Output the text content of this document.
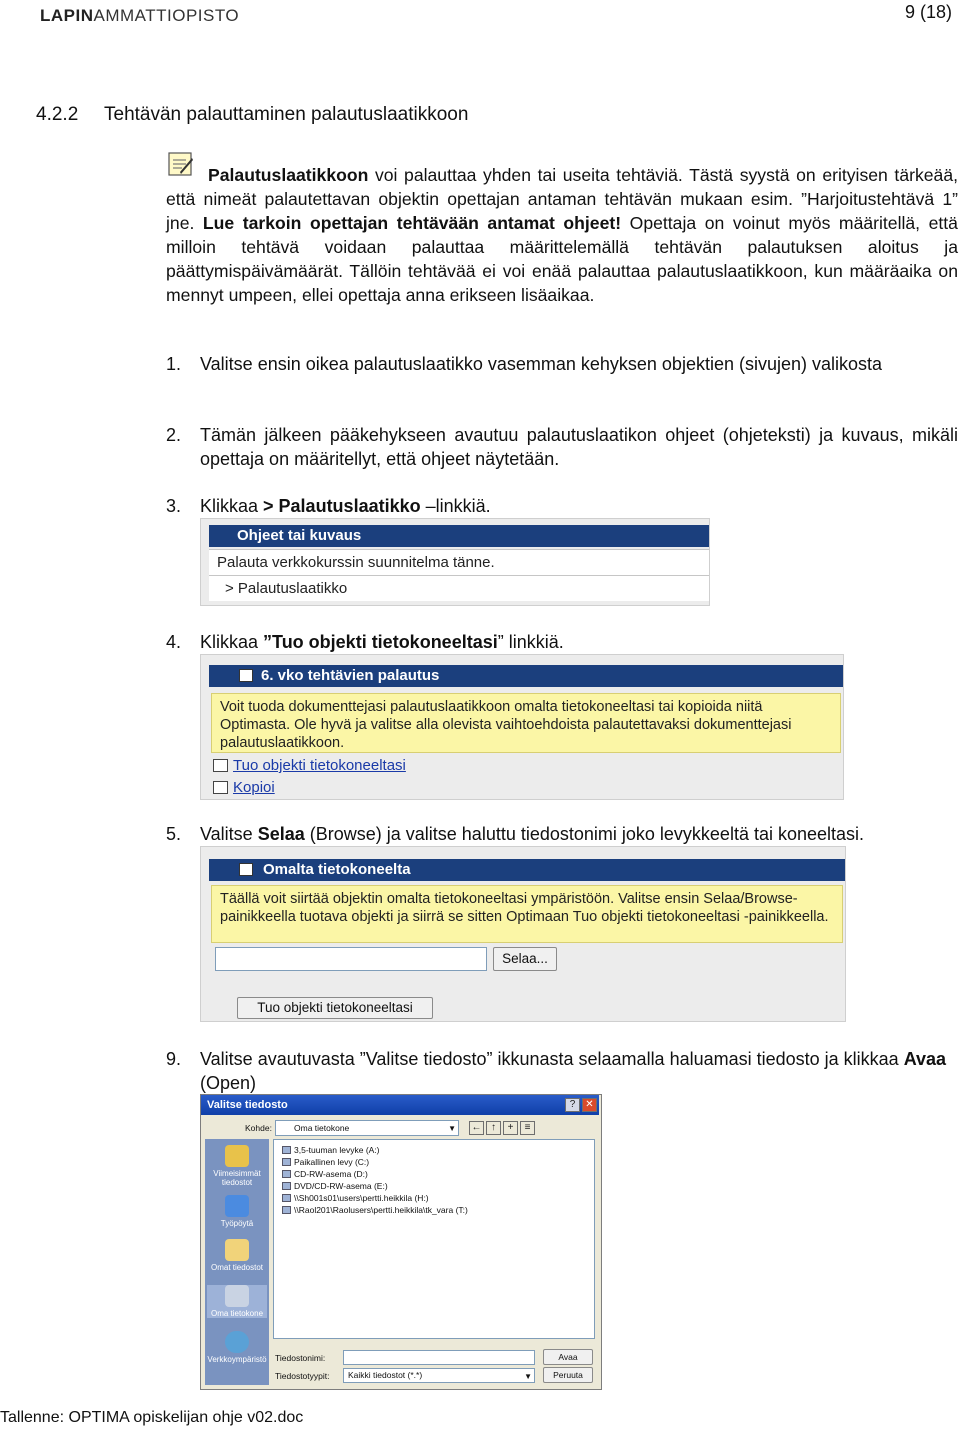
LAPINAMMATTIOPISTO	9 (18)
4.2.2 Tehtävän palauttaminen palautuslaatikkoon
Palautuslaatikkoon voi palauttaa yhden tai useita tehtäviä. Tästä syystä on erityisen tärkeää, että nimeät palautettavan objektin opettajan antaman tehtävän mukaan esim. ”Harjoitustehtävä 1” jne. Lue tarkoin opettajan tehtävään antamat ohjeet! Opettaja on voinut myös määritellä, että milloin tehtävä voidaan palauttaa määrittelemällä tehtävän palautuksen aloitus ja päättymispäivämäärät. Tällöin tehtävää ei voi enää palauttaa palautuslaatikkoon, kun määräaika on mennyt umpeen, ellei opettaja anna erikseen lisäaikaa.
1. Valitse ensin oikea palautuslaatikko vasemman kehyksen objektien (sivujen) valikosta
2. Tämän jälkeen pääkehykseen avautuu palautuslaatikon ohjeet (ohjeteksti) ja kuvaus, mikäli opettaja on määritellyt, että ohjeet näytetään.
3. Klikkaa > Palautuslaatikko –linkkiä.
Ohjeet tai kuvaus
Palauta verkkokurssin suunnitelma tänne.
> Palautuslaatikko
4. Klikkaa ”Tuo objekti tietokoneeltasi” linkkiä.
6. vko tehtävien palautus
Voit tuoda dokumenttejasi palautuslaatikkoon omalta tietokoneeltasi tai kopioida niitä Optimasta. Ole hyvä ja valitse alla olevista vaihtoehdoista palautettavaksi dokumenttejasi palautuslaatikkoon.
Tuo objekti tietokoneeltasi
Kopioi
5. Valitse Selaa (Browse) ja valitse haluttu tiedostonimi joko levykkeeltä tai koneeltasi.
Omalta tietokoneelta
Täällä voit siirtää objektin omalta tietokoneeltasi ympäristöön. Valitse ensin Selaa/Browse-painikkeella tuotava objekti ja siirrä se sitten Optimaan Tuo objekti tietokoneeltasi -painikkeella.
Selaa...
Tuo objekti tietokoneeltasi
9. Valitse avautuvasta ”Valitse tiedosto” ikkunasta selaamalla haluamasi tiedosto ja klikkaa Avaa (Open)
Valitse tiedosto	?	✕
Kohde:	Oma tietokone	▼ ← ↑	+	≡
Viimeisimmät tiedostot
Työpöytä
Omat tiedostot
Oma tietokone
Verkkoympäristö
3,5-tuuman levyke (A:)
Paikallinen levy (C:)
CD-RW-asema (D:)
DVD/CD-RW-asema (E:)
\\Sh001s01\users\pertti.heikkila (H:)
\\Raol201\Raolusers\pertti.heikkila\tk_vara (T:)
Tiedostonimi:	Avaa
Tiedostotyypit:	Kaikki tiedostot (*.*)	▼	Peruuta
Tallenne: OPTIMA opiskelijan ohje v02.doc
